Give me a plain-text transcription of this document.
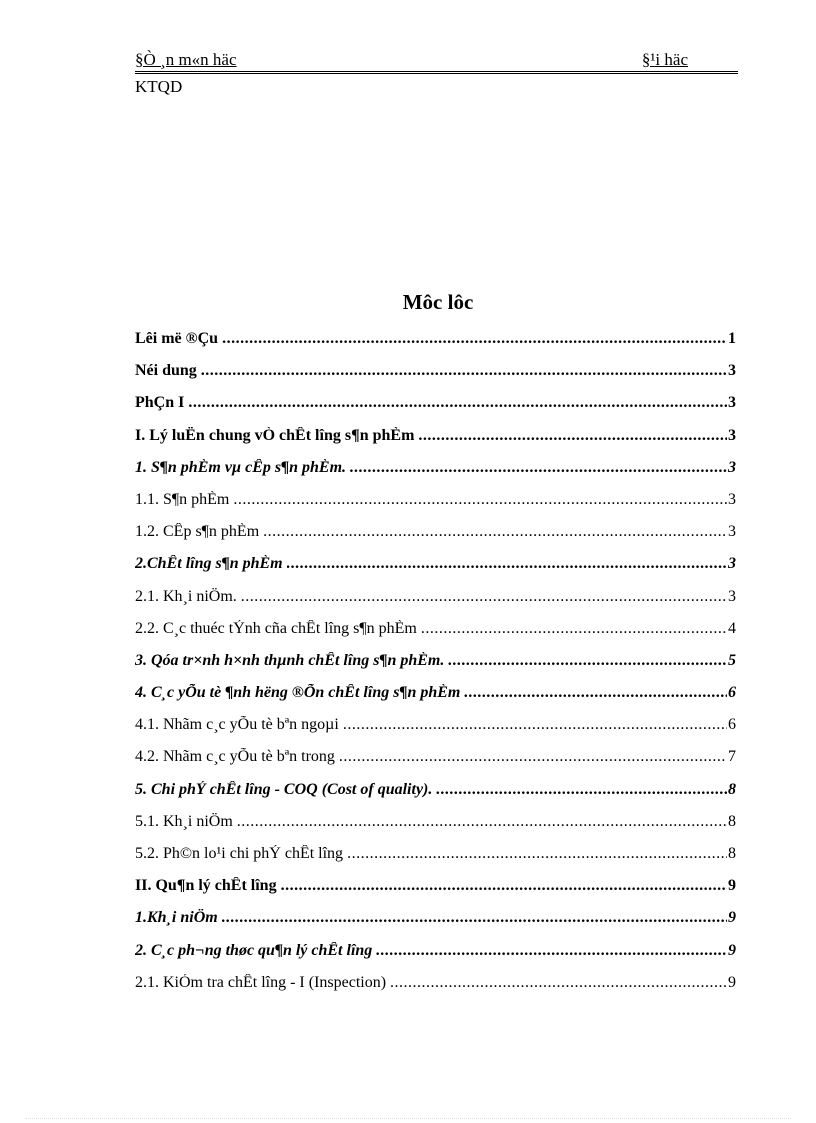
§Ò ¸n m«n häc	§¹i häc
KTQD
Môc lôc
Lêi më ®Çu .....	1
Néi dung .....	3
PhÇn I .....	3
I. Lý luËn chung vÒ chÊt lîng s¶n phÈm .....	3
1. S¶n phÈm vµ cÊp s¶n phÈm. .....	3
1.1. S¶n phÈm .....	3
1.2. CÊp s¶n phÈm .....	3
2.ChÊt lîng s¶n phÈm .....	3
2.1. Kh¸i niÖm. .....	3
2.2. C¸c thuéc tÝnh cña chÊt lîng s¶n phÈm .....	4
3. Qóa tr×nh h×nh thµnh chÊt lîng s¶n phÈm. .....	5
4. C¸c yÕu tè ¶nh hëng ®Õn chÊt lîng s¶n phÈm .....	6
4.1. Nhãm c¸c yÕu tè bªn ngoµi .....	6
4.2. Nhãm c¸c yÕu tè bªn trong .....	7
5. Chi phÝ chÊt lîng - COQ (Cost of quality). .....	8
5.1. Kh¸i niÖm .....	8
5.2. Ph©n lo¹i chi phÝ chÊt lîng .....	8
II. Qu¶n lý chÊt lîng .....	9
1.Kh¸i niÖm .....	9
2. C¸c ph¬ng thøc qu¶n lý chÊt lîng .....	9
2.1. KiÓm tra chÊt lîng - I (Inspection) .....	9
